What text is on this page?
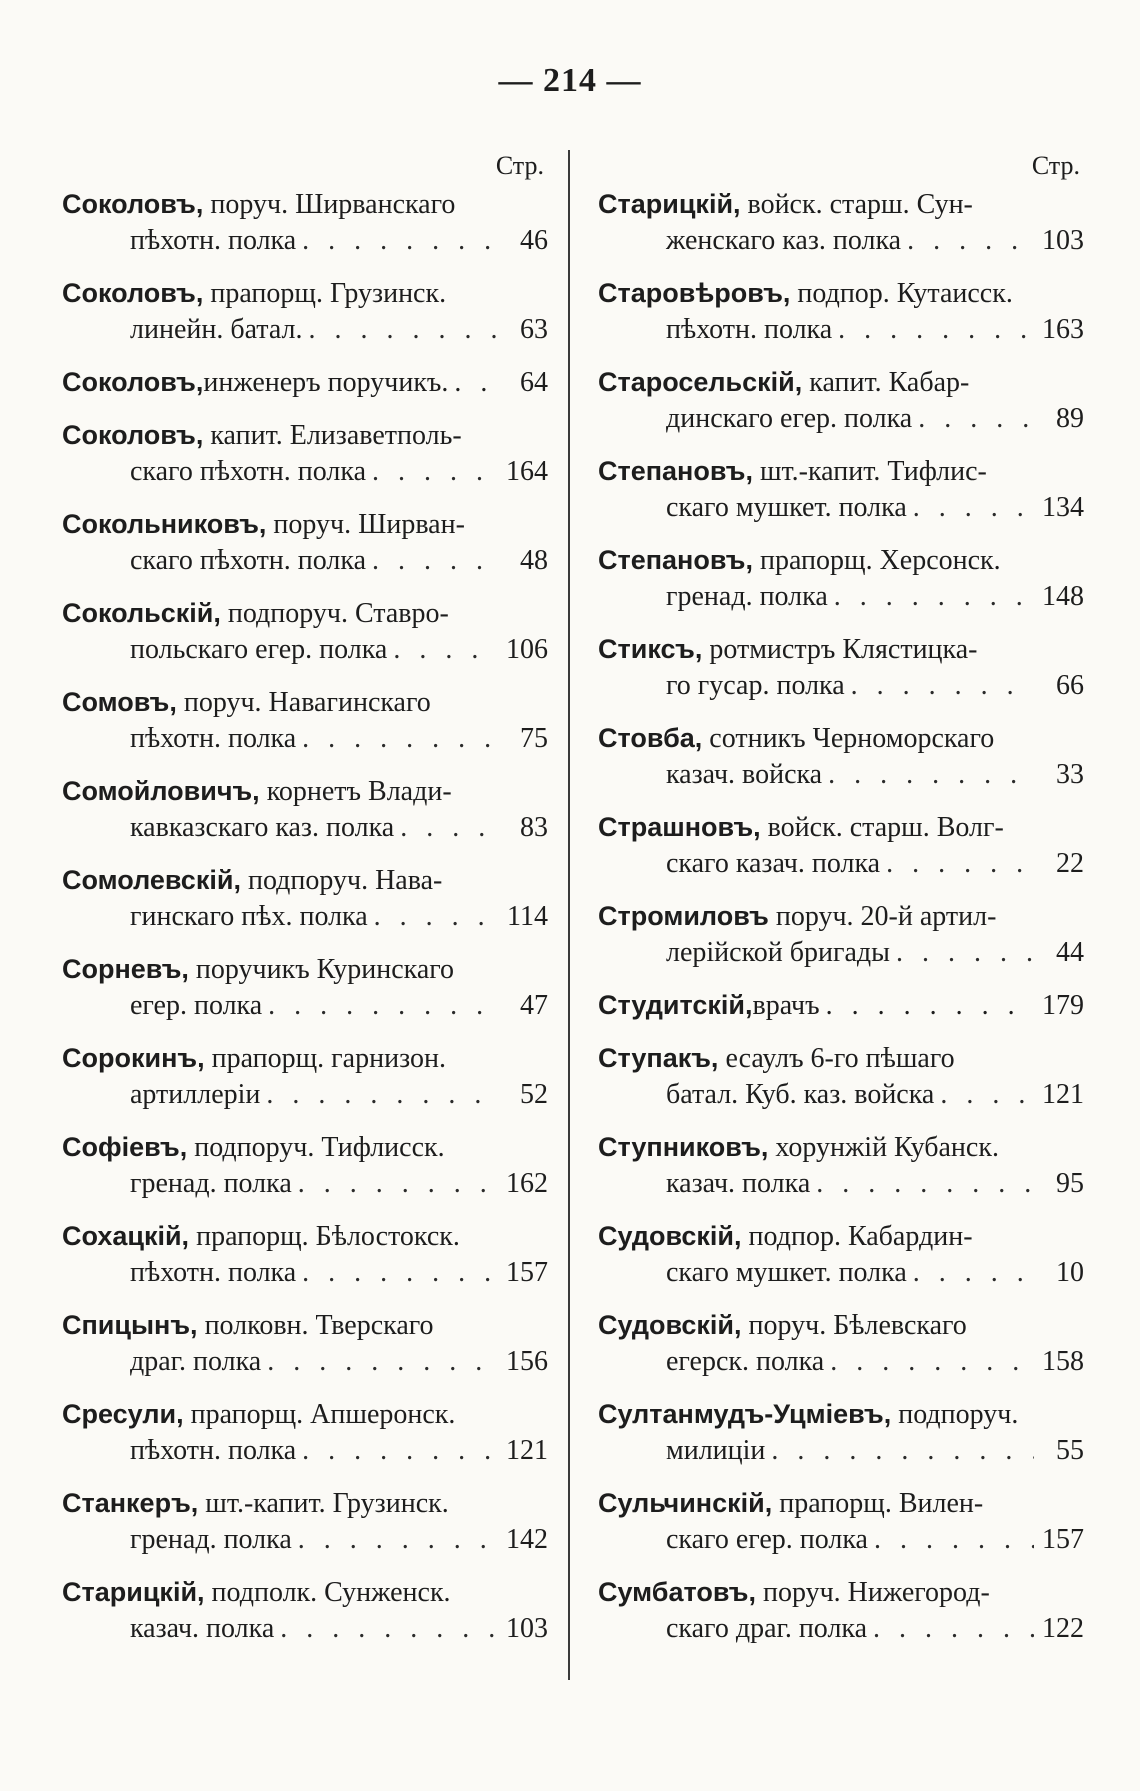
— 214 —
Стр.
Соколовъ, поруч. Ширванскаго
пѣхотн. полка . . .	46
Соколовъ, прапорщ. Грузинск.
линейн. батал. . . .	63
Соколовъ, инженеръ поручикъ. . . .	64
Соколовъ, капит. Елизаветполь-
скаго пѣхотн. полка . . .	164
Сокольниковъ, поруч. Ширван-
скаго пѣхотн. полка . . .	48
Сокольскій, подпоруч. Ставро-
польскаго егер. полка . . .	106
Сомовъ, поруч. Навагинскаго
пѣхотн. полка . . .	75
Сомойловичъ, корнетъ Влади-
кавказскаго каз. полка . . .	83
Сомолевскій, подпоруч. Нава-
гинскаго пѣх. полка . . .	114
Сорневъ, поручикъ Куринскаго
егер. полка . . .	47
Сорокинъ, прапорщ. гарнизон.
артиллеріи . . .	52
Софіевъ, подпоруч. Тифлисск.
гренад. полка . . .	162
Сохацкій, прапорщ. Бѣлостокск.
пѣхотн. полка . . .	157
Спицынъ, полковн. Тверскаго
драг. полка . . .	156
Сресули, прапорщ. Апшеронск.
пѣхотн. полка . . .	121
Станкеръ, шт.-капит. Грузинск.
гренад. полка . . .	142
Старицкій, подполк. Сунженск.
казач. полка . . .	103
Стр.
Старицкій, войск. старш. Сун-
женскаго каз. полка . . .	103
Старовѣровъ, подпор. Кутаисск.
пѣхотн. полка . . .	163
Старосельскій, капит. Кабар-
динскаго егер. полка . . .	89
Степановъ, шт.-капит. Тифлис-
скаго мушкет. полка . . .	134
Степановъ, прапорщ. Херсонск.
гренад. полка . . .	148
Стиксъ, ротмистръ Клястицка-
го гусар. полка . . .	66
Стовба, сотникъ Черноморскаго
казач. войска . . .	33
Страшновъ, войск. старш. Волг-
скаго казач. полка . . .	22
Стромиловъ поруч. 20-й артил-
лерійской бригады . . .	44
Студитскій, врачъ . . .	179
Ступакъ, есаулъ 6-го пѣшаго
батал. Куб. каз. войска . . .	121
Ступниковъ, хорунжій Кубанск.
казач. полка . . .	95
Судовскій, подпор. Кабардин-
скаго мушкет. полка . . .	10
Судовскій, поруч. Бѣлевскаго
егерск. полка . . .	158
Султанмудъ-Уцміевъ, подпоруч.
милиціи . . .	55
Сульчинскій, прапорщ. Вилен-
скаго егер. полка . . .	157
Сумбатовъ, поруч. Нижегород-
скаго драг. полка . . .	122
